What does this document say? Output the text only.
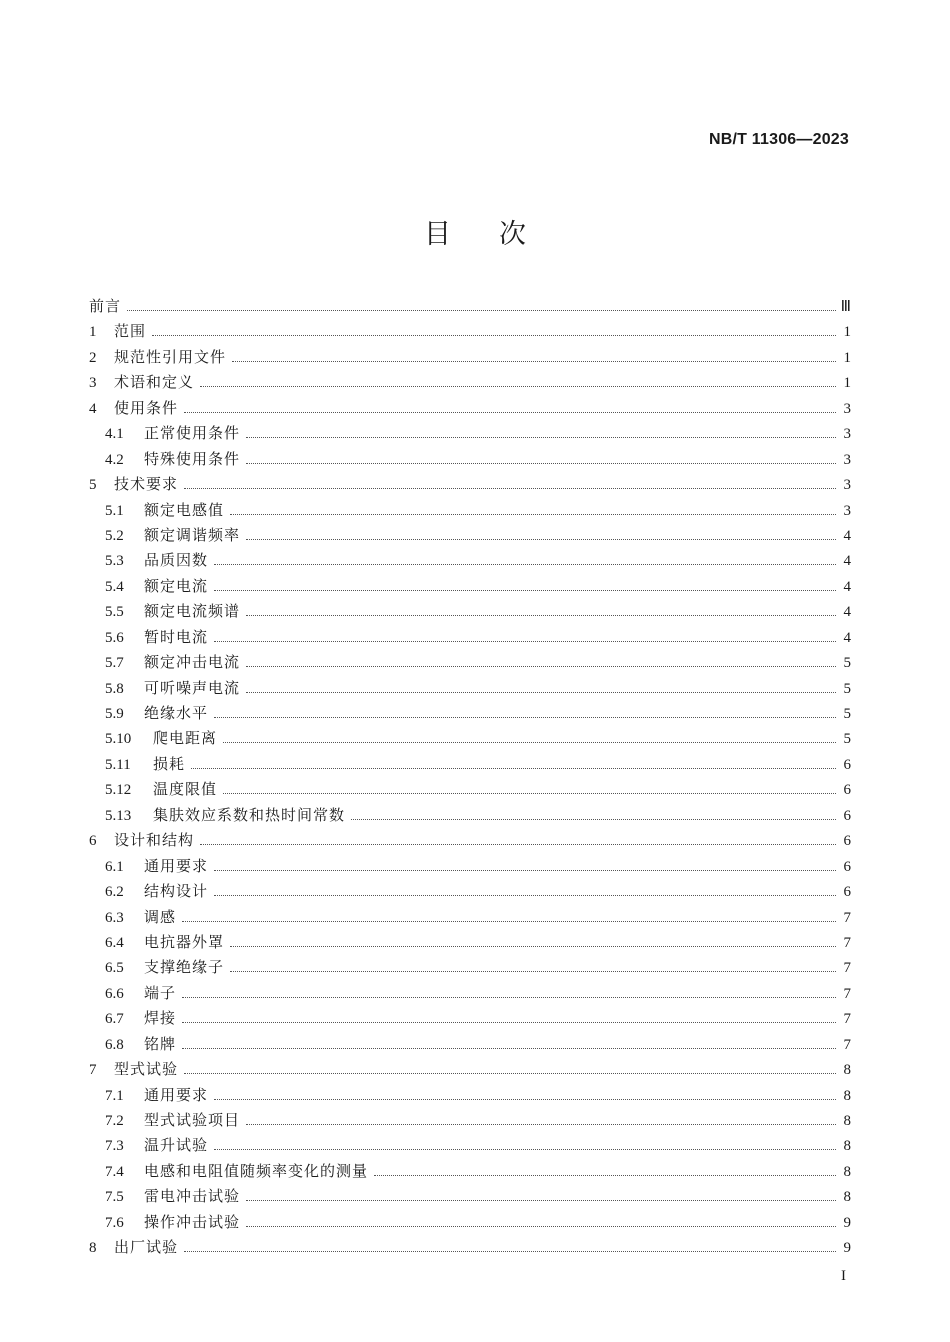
NB/T 11306—2023
目次
前言	Ⅲ
1	范围	1
2	规范性引用文件	1
3	术语和定义	1
4	使用条件	3
4.1	正常使用条件	3
4.2	特殊使用条件	3
5	技术要求	3
5.1	额定电感值	3
5.2	额定调谐频率	4
5.3	品质因数	4
5.4	额定电流	4
5.5	额定电流频谱	4
5.6	暂时电流	4
5.7	额定冲击电流	5
5.8	可听噪声电流	5
5.9	绝缘水平	5
5.10	爬电距离	5
5.11	损耗	6
5.12	温度限值	6
5.13	集肤效应系数和热时间常数	6
6	设计和结构	6
6.1	通用要求	6
6.2	结构设计	6
6.3	调感	7
6.4	电抗器外罩	7
6.5	支撑绝缘子	7
6.6	端子	7
6.7	焊接	7
6.8	铭牌	7
7	型式试验	8
7.1	通用要求	8
7.2	型式试验项目	8
7.3	温升试验	8
7.4	电感和电阻值随频率变化的测量	8
7.5	雷电冲击试验	8
7.6	操作冲击试验	9
8	出厂试验	9
I
